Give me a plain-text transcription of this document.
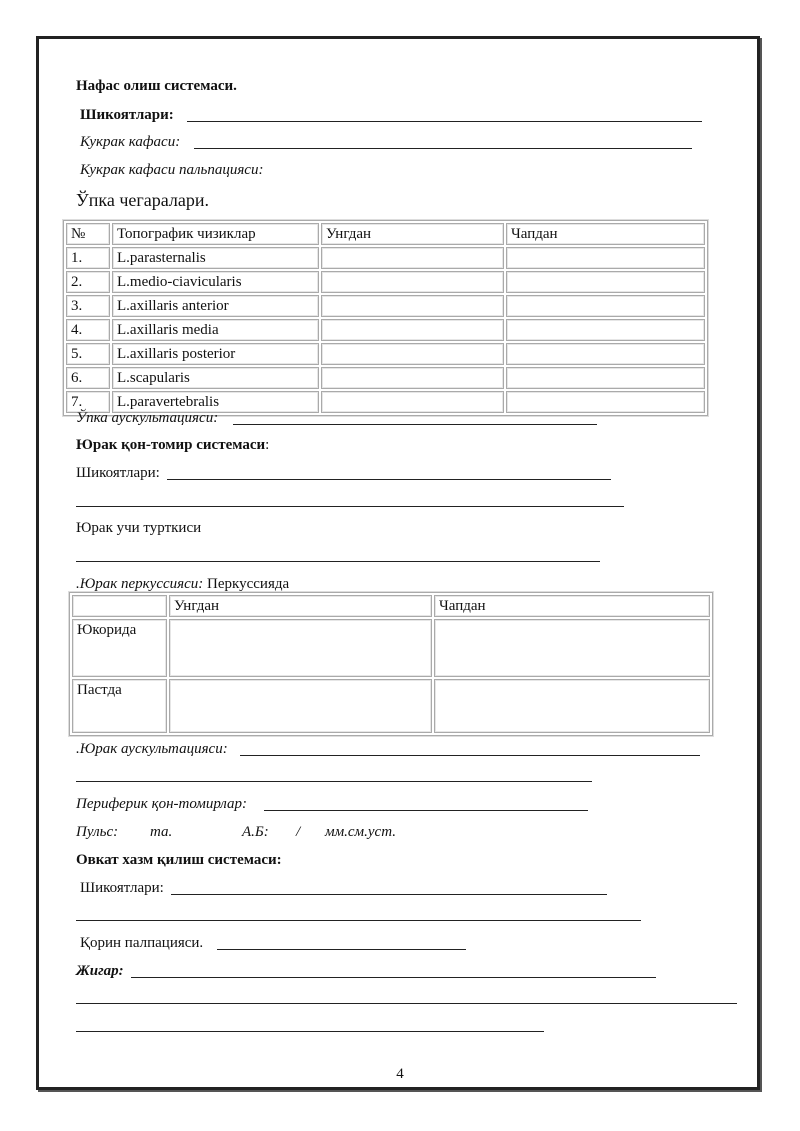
Нафас олиш системаси.
Шикоятлари:
Кукрак кафаси:
Кукрак кафаси пальпацияси:
Ўпка чегаралари.
№	Топографик чизиклар	Унгдан	Чапдан
1.	L.parasternalis		
2.	L.medio-ciavicularis		
3.	L.axillaris anterior		
4.	L.axillaris media		
5.	L.axillaris posterior		
6.	L.scapularis		
7.	L.paravertebralis		
Ўпка аускультацияси:
Юрак қон-томир системаси:
Шикоятлари:
Юрак учи турткиси
.Юрак перкуссияси: Перкуссияда
	Унгдан	Чапдан
Юкорида		
Пастда		
.Юрак аускультацияси:
Периферик қон-томирлар:
Пульс: та.	А.Б: / мм.см.уст.
Овкат хазм қилиш системаси:
Шикоятлари:
Қорин палпацияси.
Жигар:
4
